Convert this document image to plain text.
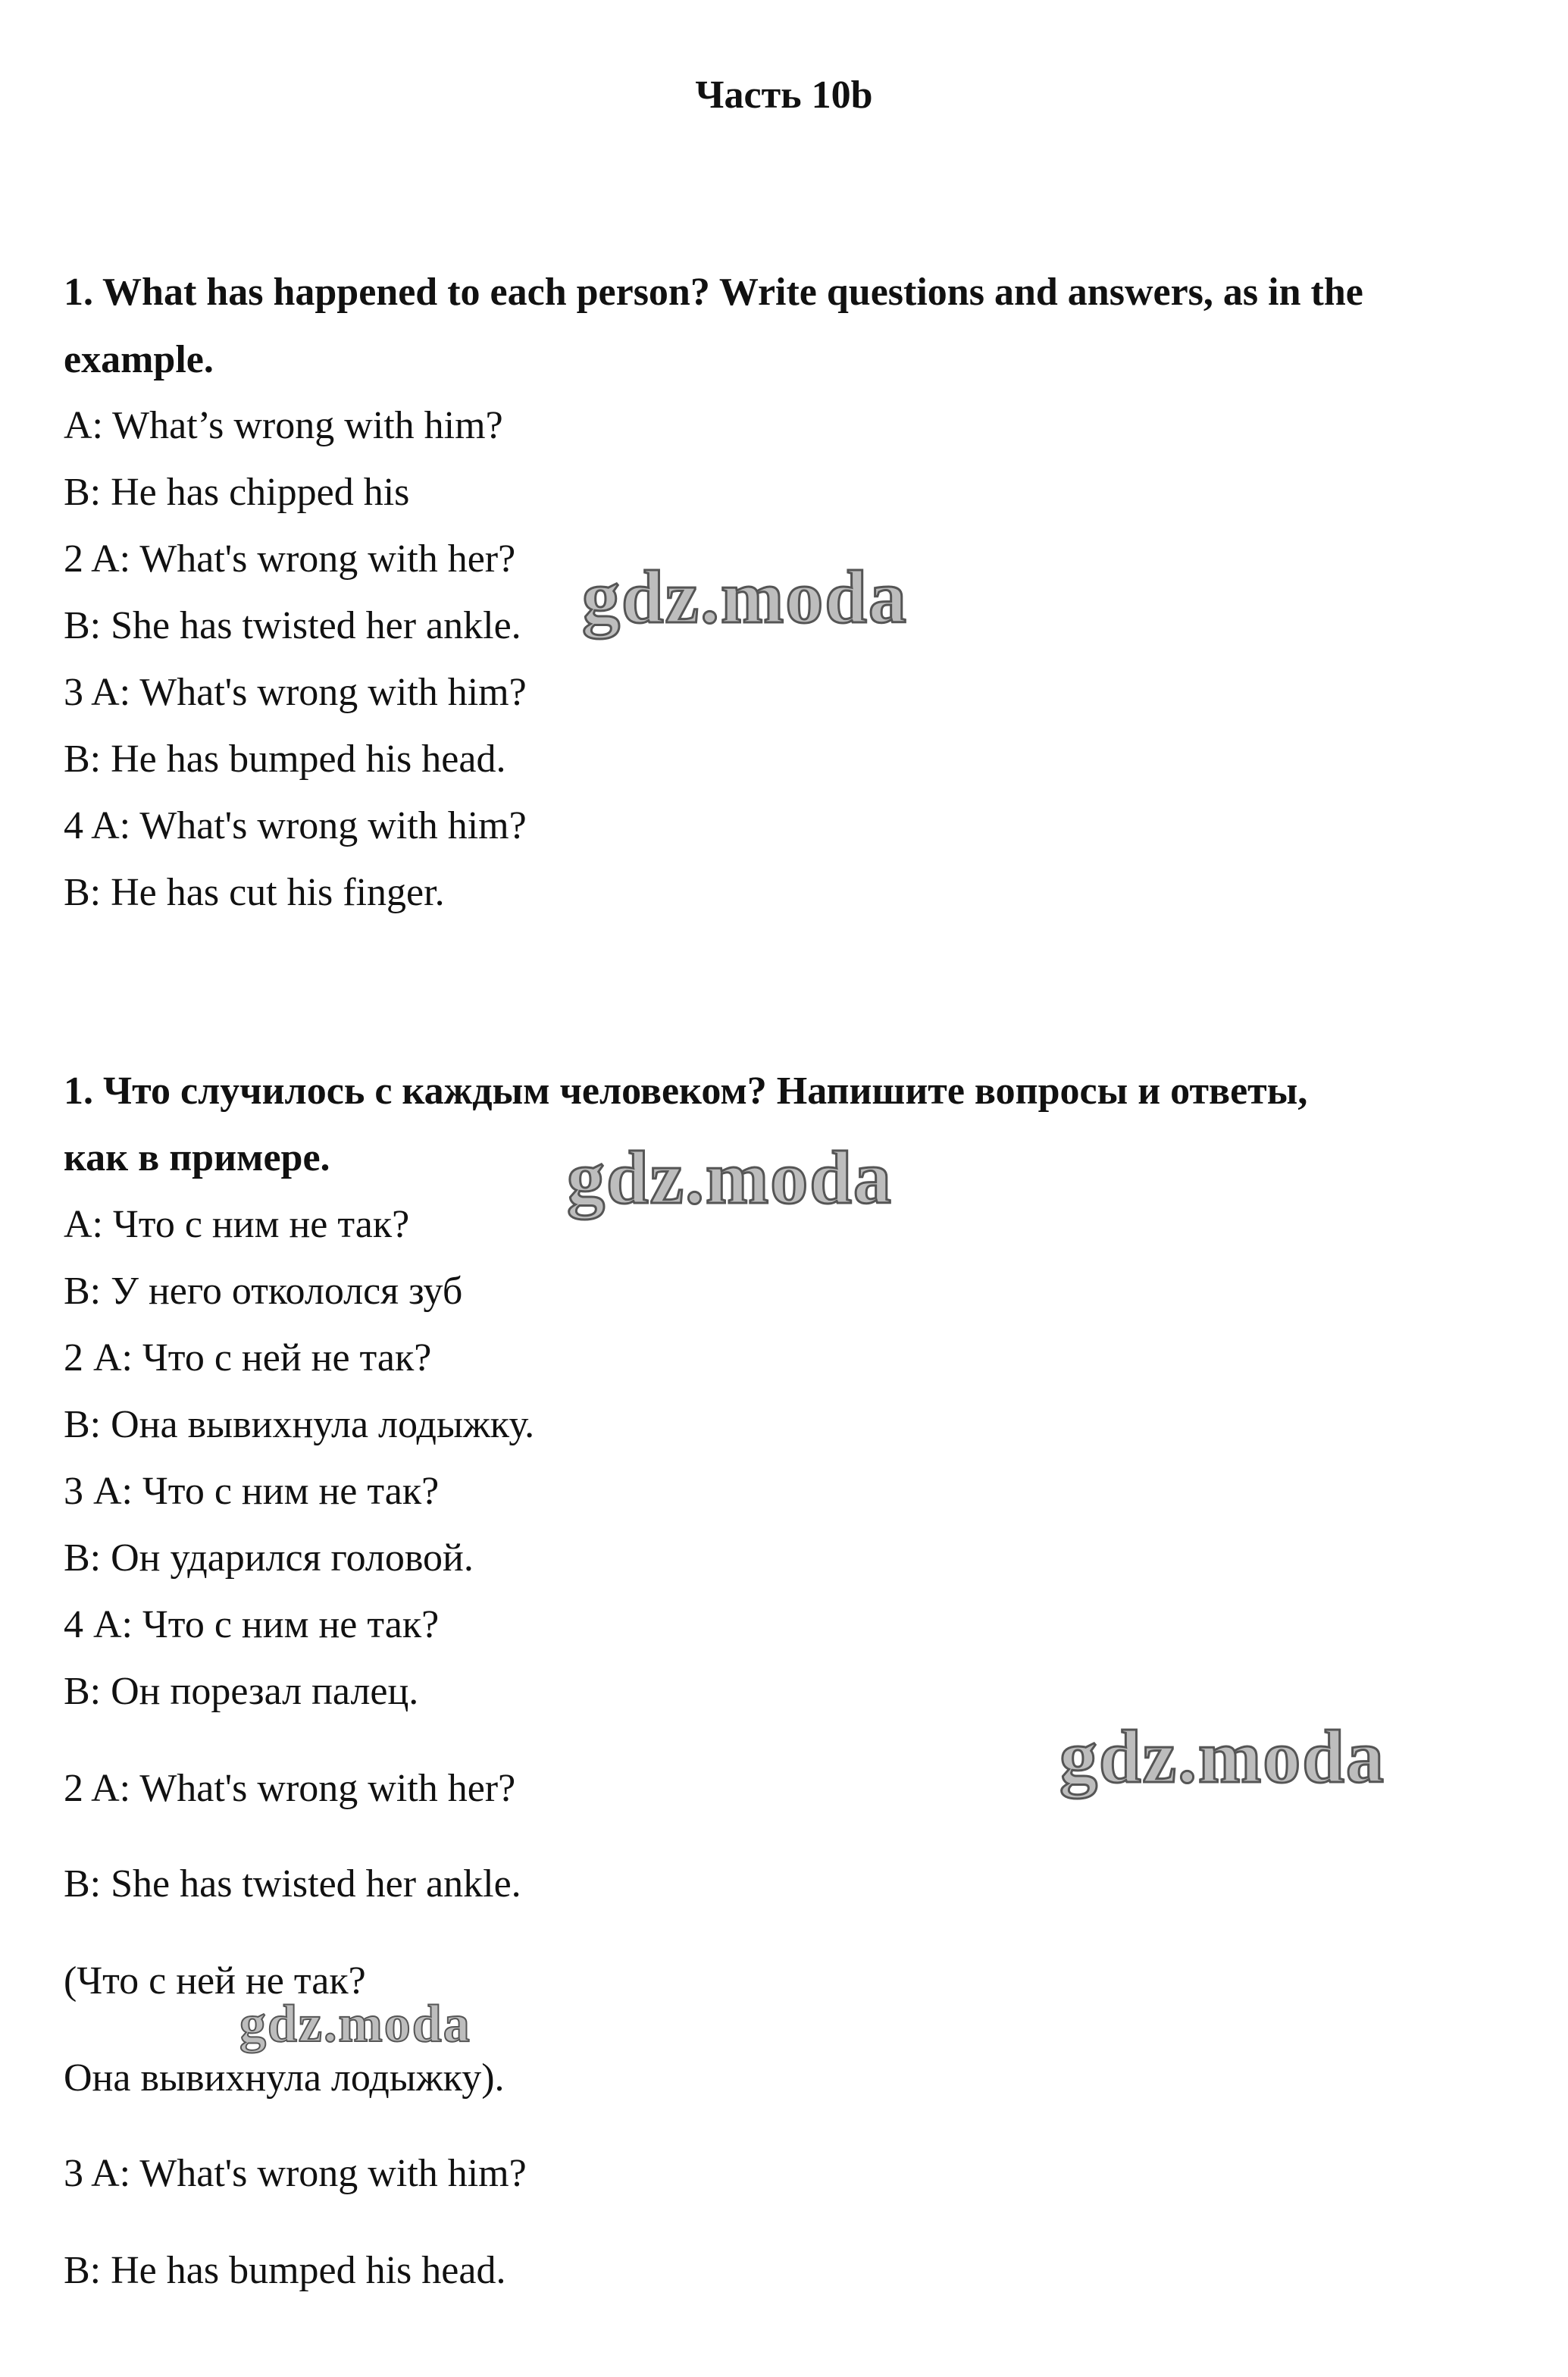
Часть 10b
1. What has happened to each person? Write questions and answers, as in the
example.
A: What’s wrong with him?
B: He has chipped his
2 A: What's wrong with her?
B: She has twisted her ankle.
3 A: What's wrong with him?
B: He has bumped his head.
4 A: What's wrong with him?
B: He has cut his finger.
1. Что случилось с каждым человеком? Напишите вопросы и ответы,
как в примере.
А: Что с ним не так?
В: У него откололся зуб
2 А: Что с ней не так?
В: Она вывихнула лодыжку.
3 А: Что с ним не так?
В: Он ударился головой.
4 А: Что с ним не так?
В: Он порезал палец.
2 A: What's wrong with her?
B: She has twisted her ankle.
(Что с ней не так?
Она вывихнула лодыжку).
3 A: What's wrong with him?
B: He has bumped his head.
gdz.moda
gdz.moda
gdz.moda
gdz.moda
